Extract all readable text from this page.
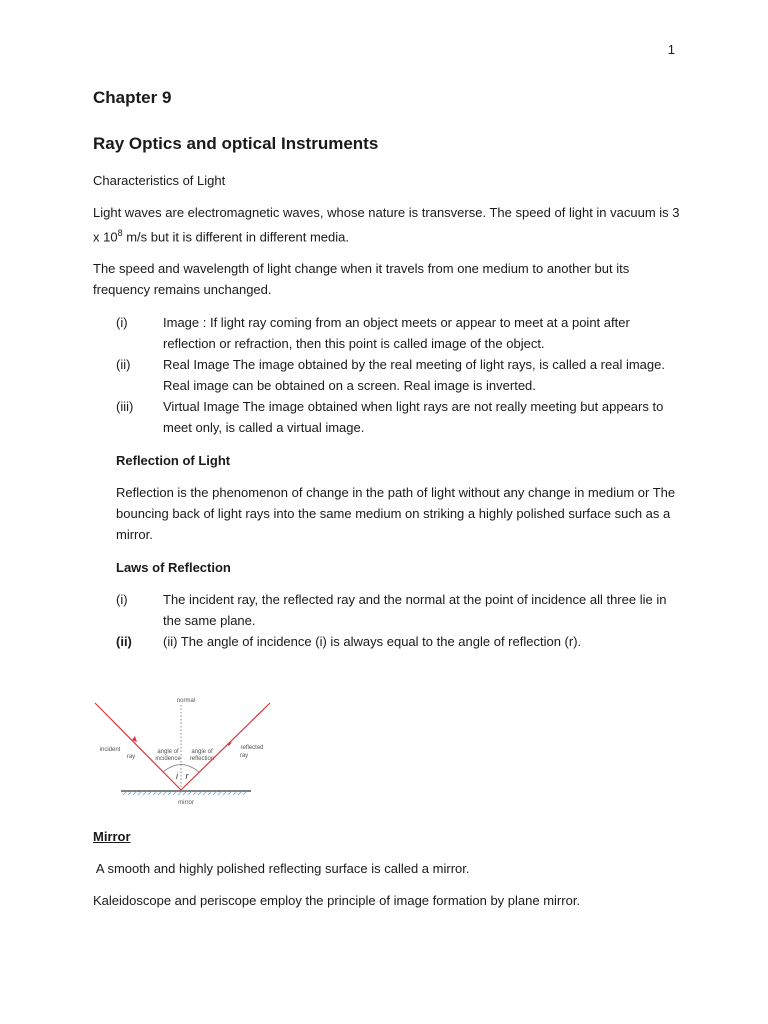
1
Chapter 9
Ray Optics and optical Instruments

Characteristics of Light

Light waves are electromagnetic waves, whose nature is transverse. The speed of light in vacuum is 3 x $10^8$ m/s but it is different in different media.

The speed and wavelength of light change when it travels from one medium to another but its frequency remains unchanged.

(i)	Image : If light ray coming from an object meets or appear to meet at a point after reflection or refraction, then this point is called image of the object.
(ii)	Real Image The image obtained by the real meeting of light rays, is called a real image. Real image can be obtained on a screen. Real image is inverted.
(iii)	Virtual Image The image obtained when light rays are not really meeting but appears to meet only, is called a virtual image.
Reflection of Light

Reflection is the phenomenon of change in the path of light without any change in medium or The bouncing back of light rays into the same medium on striking a highly polished surface such as a mirror.

Laws of Reflection
(i)	The incident ray, the reflected ray and the normal at the point of incidence all three lie in the same plane.
(ii)	(ii) The angle of incidence (i) is always equal to the angle of reflection (r).
normal
incident
ray
reflected
ray
angle of
incidence
angle of
reflection
i r
mirror
Mirror

A smooth and highly polished reflecting surface is called a mirror.

Kaleidoscope and periscope employ the principle of image formation by plane mirror.
